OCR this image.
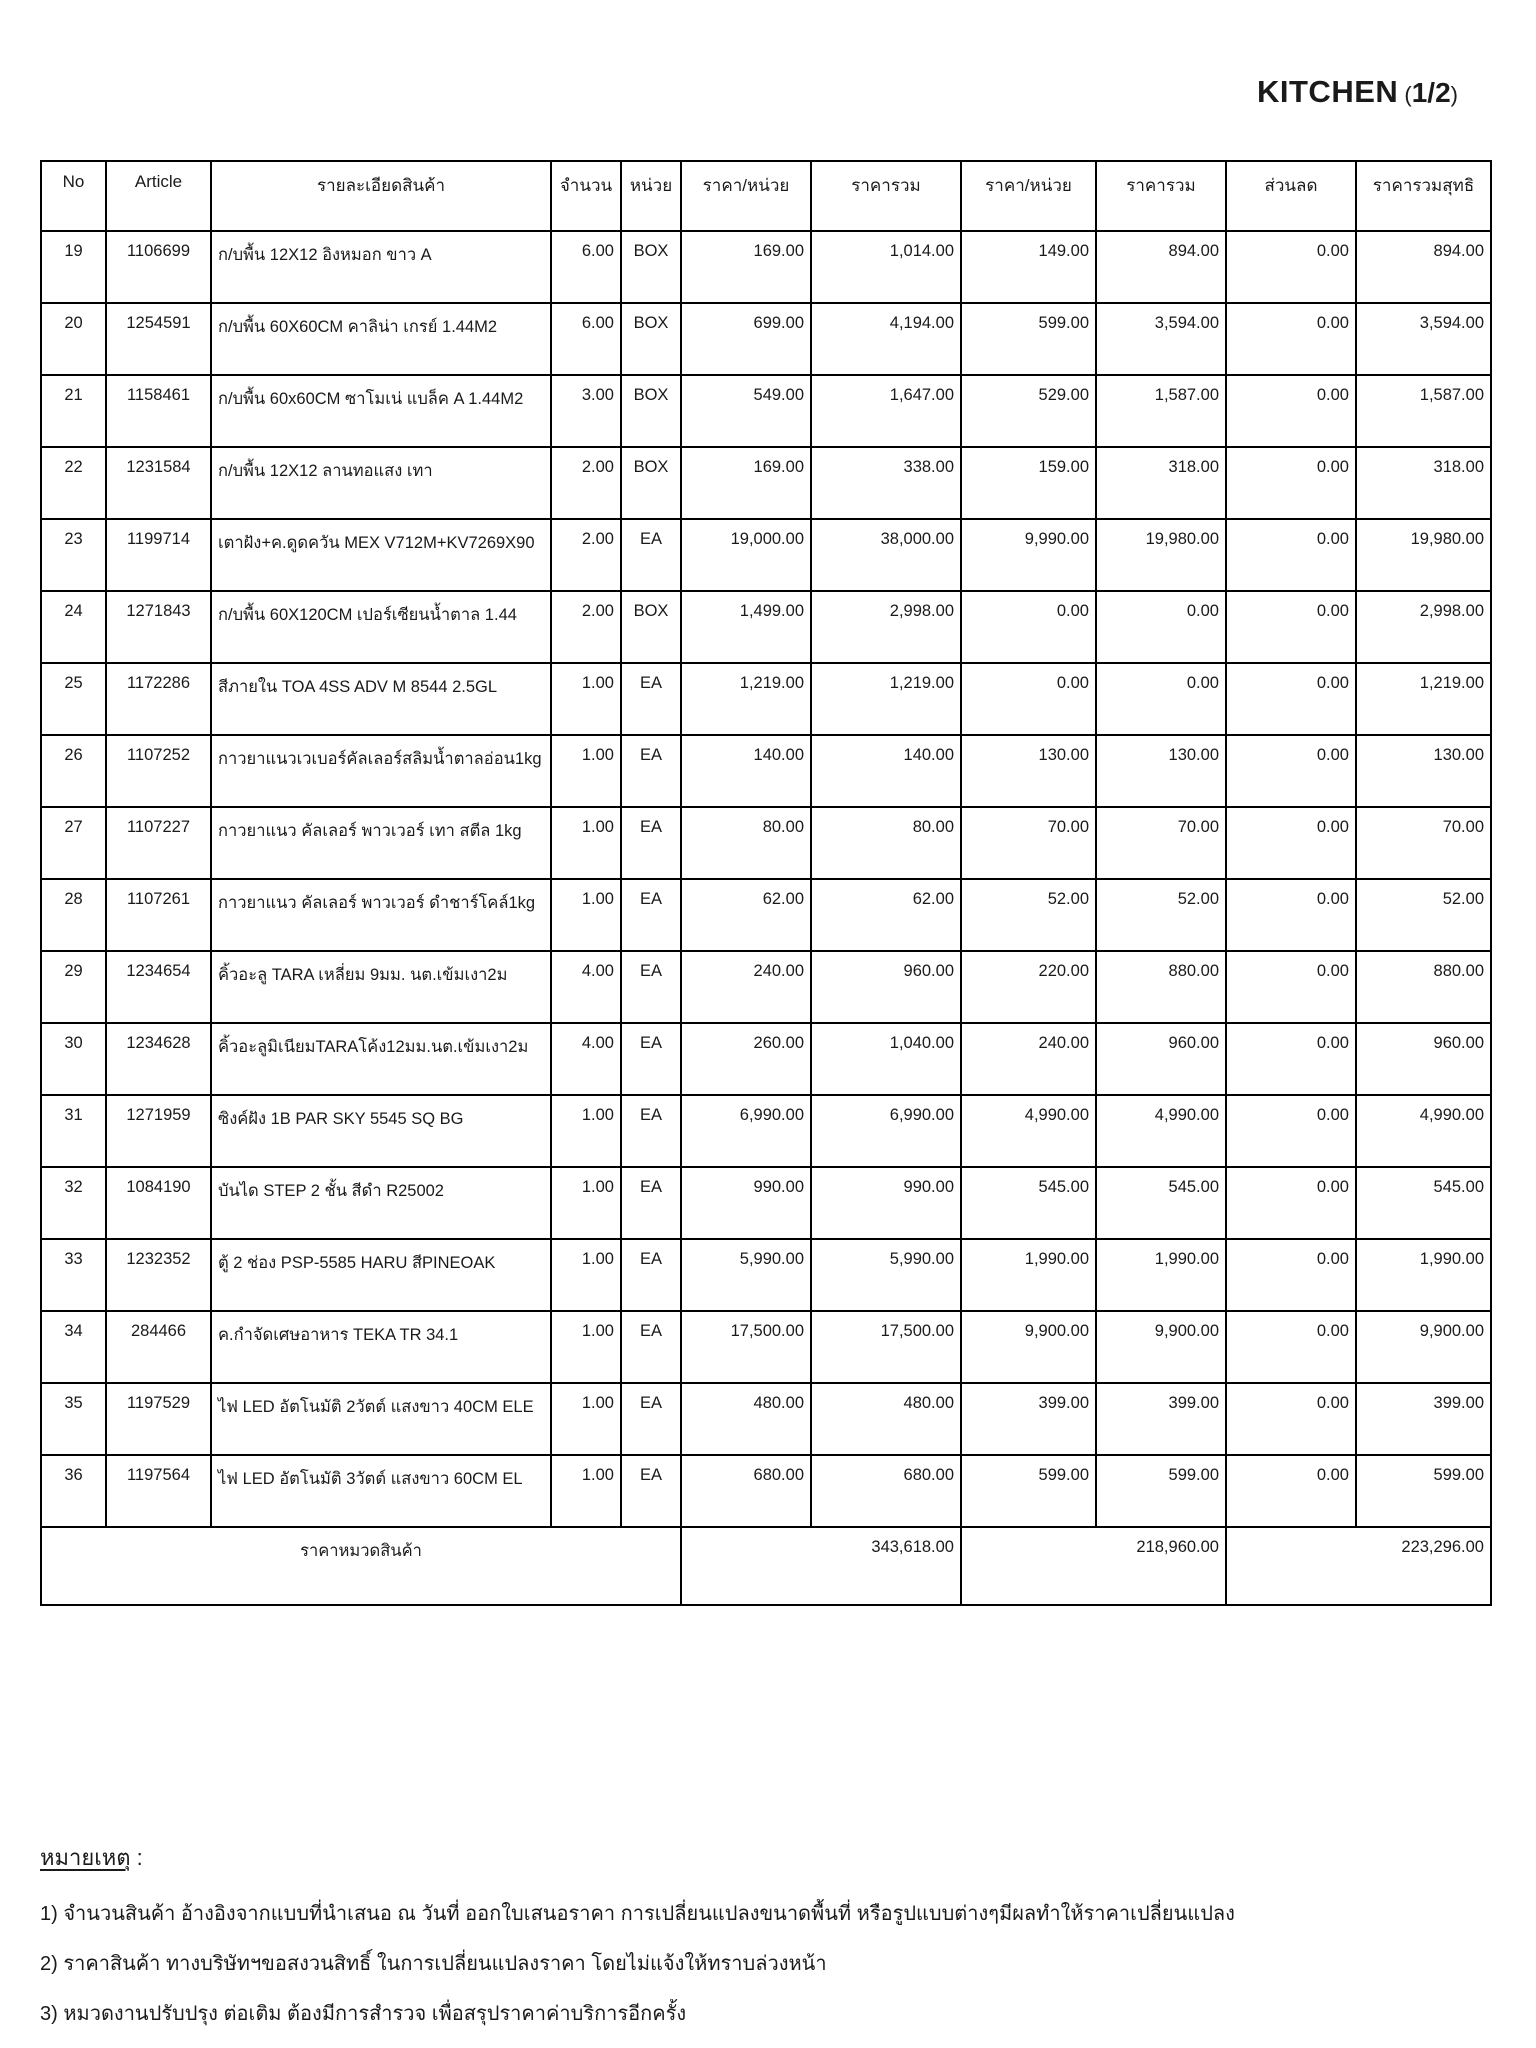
KITCHEN (1/2)
No	Article	รายละเอียดสินค้า	จำนวน	หน่วย	ราคา/หน่วย	ราคารวม	ราคา/หน่วย	ราคารวม	ส่วนลด	ราคารวมสุทธิ
19	1106699	ก/บพื้น 12X12 อิงหมอก ขาว A	6.00	BOX	169.00	1,014.00	149.00	894.00	0.00	894.00
20	1254591	ก/บพื้น 60X60CM คาลิน่า เกรย์ 1.44M2	6.00	BOX	699.00	4,194.00	599.00	3,594.00	0.00	3,594.00
21	1158461	ก/บพื้น 60x60CM ซาโมเน่ แบล็ค A 1.44M2	3.00	BOX	549.00	1,647.00	529.00	1,587.00	0.00	1,587.00
22	1231584	ก/บพื้น 12X12 ลานทอแสง เทา	2.00	BOX	169.00	338.00	159.00	318.00	0.00	318.00
23	1199714	เตาฝัง+ค.ดูดควัน MEX V712M+KV7269X90	2.00	EA	19,000.00	38,000.00	9,990.00	19,980.00	0.00	19,980.00
24	1271843	ก/บพื้น 60X120CM เปอร์เซียนน้ำตาล 1.44	2.00	BOX	1,499.00	2,998.00	0.00	0.00	0.00	2,998.00
25	1172286	สีภายใน TOA 4SS ADV M 8544 2.5GL	1.00	EA	1,219.00	1,219.00	0.00	0.00	0.00	1,219.00
26	1107252	กาวยาแนวเวเบอร์คัลเลอร์สลิมน้ำตาลอ่อน1kg	1.00	EA	140.00	140.00	130.00	130.00	0.00	130.00
27	1107227	กาวยาแนว คัลเลอร์ พาวเวอร์ เทา สตีล 1kg	1.00	EA	80.00	80.00	70.00	70.00	0.00	70.00
28	1107261	กาวยาแนว คัลเลอร์ พาวเวอร์ ดำชาร์โคล์1kg	1.00	EA	62.00	62.00	52.00	52.00	0.00	52.00
29	1234654	คิ้วอะลู TARA เหลี่ยม 9มม. นต.เข้มเงา2ม	4.00	EA	240.00	960.00	220.00	880.00	0.00	880.00
30	1234628	คิ้วอะลูมิเนียมTARAโค้ง12มม.นต.เข้มเงา2ม	4.00	EA	260.00	1,040.00	240.00	960.00	0.00	960.00
31	1271959	ซิงค์ฝัง 1B PAR SKY 5545 SQ BG	1.00	EA	6,990.00	6,990.00	4,990.00	4,990.00	0.00	4,990.00
32	1084190	บันได STEP 2 ชั้น สีดำ R25002	1.00	EA	990.00	990.00	545.00	545.00	0.00	545.00
33	1232352	ตู้ 2 ช่อง PSP-5585 HARU สีPINEOAK	1.00	EA	5,990.00	5,990.00	1,990.00	1,990.00	0.00	1,990.00
34	284466	ค.กำจัดเศษอาหาร TEKA TR 34.1	1.00	EA	17,500.00	17,500.00	9,900.00	9,900.00	0.00	9,900.00
35	1197529	ไฟ LED อัตโนมัติ 2วัตต์ แสงขาว 40CM ELE	1.00	EA	480.00	480.00	399.00	399.00	0.00	399.00
36	1197564	ไฟ LED อัตโนมัติ 3วัตต์ แสงขาว 60CM EL	1.00	EA	680.00	680.00	599.00	599.00	0.00	599.00
ราคาหมวดสินค้า					343,618.00		218,960.00		223,296.00	
หมายเหตุ :
1) จำนวนสินค้า อ้างอิงจากแบบที่นำเสนอ ณ วันที่ ออกใบเสนอราคา การเปลี่ยนแปลงขนาดพื้นที่ หรือรูปแบบต่างๆมีผลทำให้ราคาเปลี่ยนแปลง
2) ราคาสินค้า ทางบริษัทฯขอสงวนสิทธิ์ ในการเปลี่ยนแปลงราคา โดยไม่แจ้งให้ทราบล่วงหน้า
3) หมวดงานปรับปรุง ต่อเติม ต้องมีการสำรวจ เพื่อสรุปราคาค่าบริการอีกครั้ง
